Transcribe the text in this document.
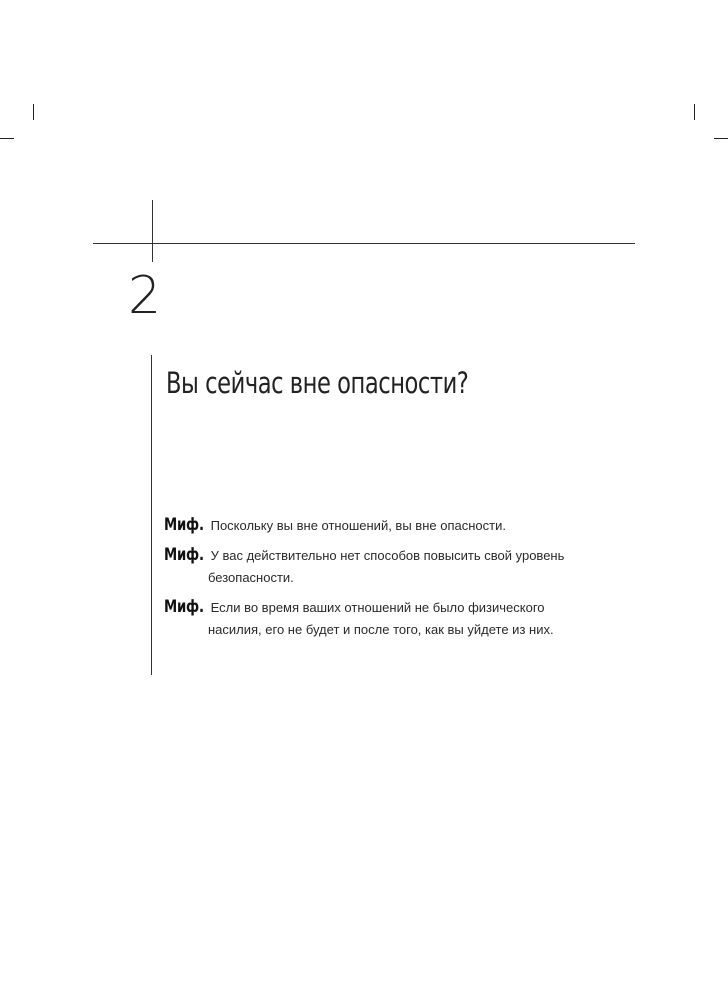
2
Вы сейчас вне опасности?
Миф. Поскольку вы вне отношений, вы вне опасности.
Миф. У вас действительно нет способов повысить свой уровень
безопасности.
Миф. Если во время ваших отношений не было физического
насилия, его не будет и после того, как вы уйдете из них.
